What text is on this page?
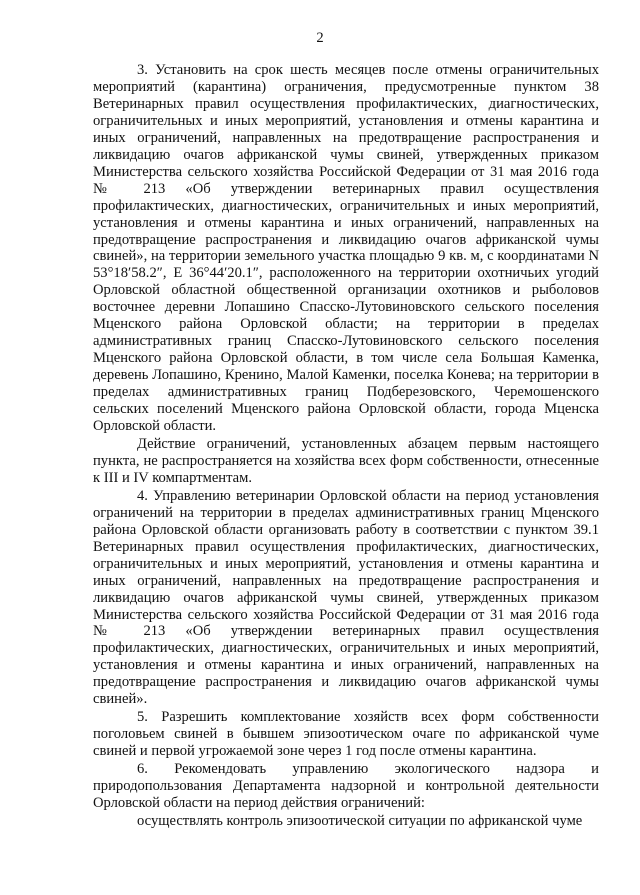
2

3. Установить на срок шесть месяцев после отмены ограничительных мероприятий (карантина) ограничения, предусмотренные пунктом 38 Ветеринарных правил осуществления профилактических, диагностических, ограничительных и иных мероприятий, установления и отмены карантина и иных ограничений, направленных на предотвращение распространения и ликвидацию очагов африканской чумы свиней, утвержденных приказом Министерства сельского хозяйства Российской Федерации от 31 мая 2016 года № 213 «Об утверждении ветеринарных правил осуществления профилактических, диагностических, ограничительных и иных мероприятий, установления и отмены карантина и иных ограничений, направленных на предотвращение распространения и ликвидацию очагов африканской чумы свиней», на территории земельного участка площадью 9 кв. м, с координатами N 53°18′58.2″, E 36°44′20.1″, расположенного на территории охотничьих угодий Орловской областной общественной организации охотников и рыболовов восточнее деревни Лопашино Спасско-Лутовиновского сельского поселения Мценского района Орловской области; на территории в пределах административных границ Спасско-Лутовиновского сельского поселения Мценского района Орловской области, в том числе села Большая Каменка, деревень Лопашино, Кренино, Малой Каменки, поселка Конева; на территории в пределах административных границ Подберезовского, Черемошенского сельских поселений Мценского района Орловской области, города Мценска Орловской области.

Действие ограничений, установленных абзацем первым настоящего пункта, не распространяется на хозяйства всех форм собственности, отнесенные к III и IV компартментам.

4. Управлению ветеринарии Орловской области на период установления ограничений на территории в пределах административных границ Мценского района Орловской области организовать работу в соответствии с пунктом 39.1 Ветеринарных правил осуществления профилактических, диагностических, ограничительных и иных мероприятий, установления и отмены карантина и иных ограничений, направленных на предотвращение распространения и ликвидацию очагов африканской чумы свиней, утвержденных приказом Министерства сельского хозяйства Российской Федерации от 31 мая 2016 года № 213 «Об утверждении ветеринарных правил осуществления профилактических, диагностических, ограничительных и иных мероприятий, установления и отмены карантина и иных ограничений, направленных на предотвращение распространения и ликвидацию очагов африканской чумы свиней».

5. Разрешить комплектование хозяйств всех форм собственности поголовьем свиней в бывшем эпизоотическом очаге по африканской чуме свиней и первой угрожаемой зоне через 1 год после отмены карантина.

6. Рекомендовать управлению экологического надзора и природопользования Департамента надзорной и контрольной деятельности Орловской области на период действия ограничений:

осуществлять контроль эпизоотической ситуации по африканской чуме
